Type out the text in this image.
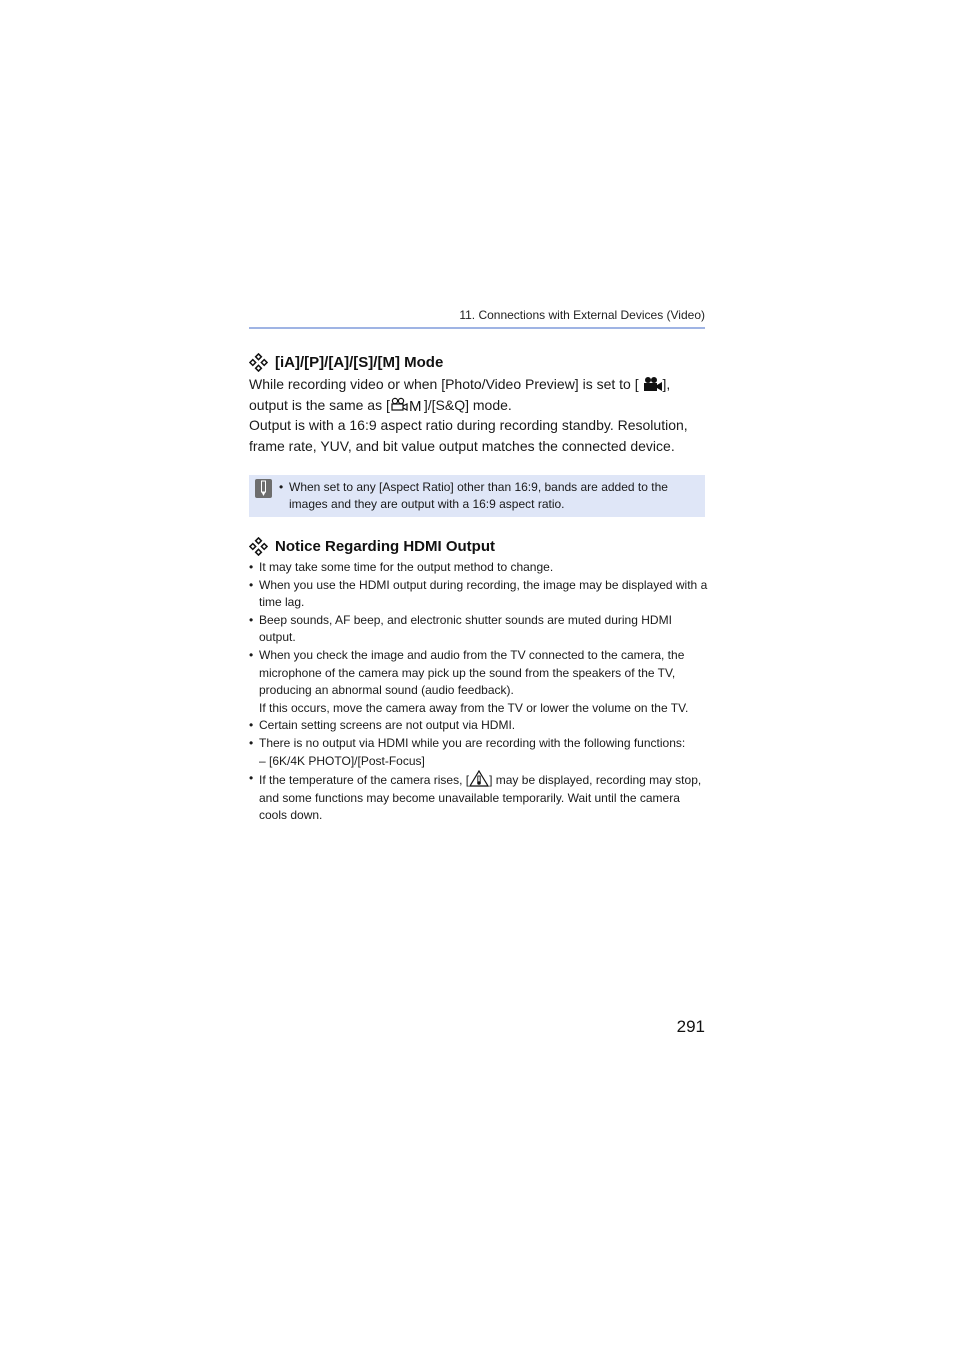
11. Connections with External Devices (Video)
[iA]/[P]/[A]/[S]/[M] Mode
While recording video or when [Photo/Video Preview] is set to [ ], output is the same as [ M ]/[S&Q] mode.
Output is with a 16:9 aspect ratio during recording standby. Resolution, frame rate, YUV, and bit value output matches the connected device.
• When set to any [Aspect Ratio] other than 16:9, bands are added to the images and they are output with a 16:9 aspect ratio.
Notice Regarding HDMI Output
• It may take some time for the output method to change.
• When you use the HDMI output during recording, the image may be displayed with a time lag.
• Beep sounds, AF beep, and electronic shutter sounds are muted during HDMI output.
• When you check the image and audio from the TV connected to the camera, the microphone of the camera may pick up the sound from the speakers of the TV, producing an abnormal sound (audio feedback).
If this occurs, move the camera away from the TV or lower the volume on the TV.
• Certain setting screens are not output via HDMI.
• There is no output via HDMI while you are recording with the following functions:
– [6K/4K PHOTO]/[Post-Focus]
• If the temperature of the camera rises, [ ] may be displayed, recording may stop, and some functions may become unavailable temporarily. Wait until the camera cools down.
291
